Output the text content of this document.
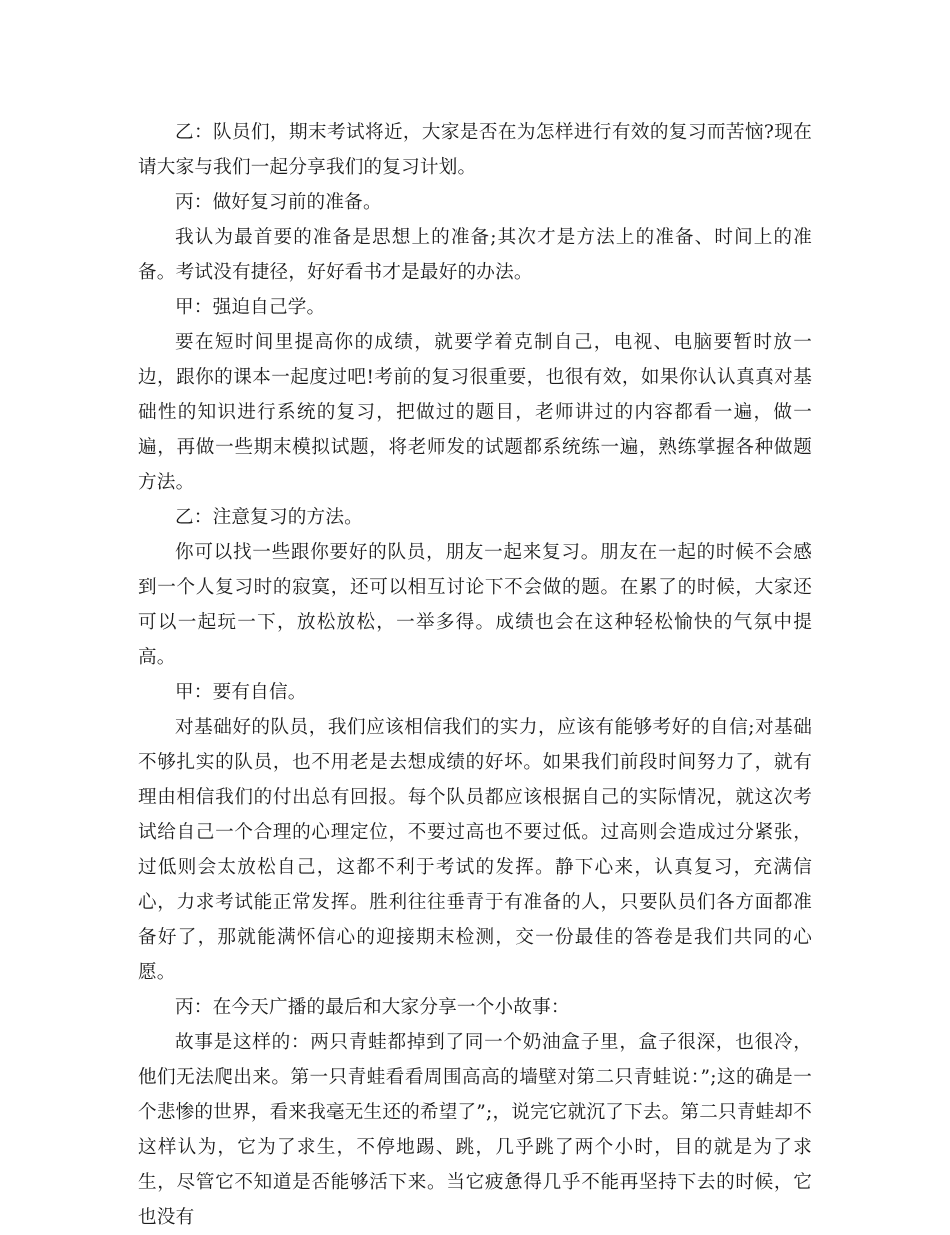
乙：队员们，期末考试将近，大家是否在为怎样进行有效的复习而苦恼?现在请大家与我们一起分享我们的复习计划。

丙：做好复习前的准备。

我认为最首要的准备是思想上的准备;其次才是方法上的准备、时间上的准备。考试没有捷径，好好看书才是最好的办法。

甲：强迫自己学。

要在短时间里提高你的成绩，就要学着克制自己，电视、电脑要暂时放一边，跟你的课本一起度过吧!考前的复习很重要，也很有效，如果你认认真真对基础性的知识进行系统的复习，把做过的题目，老师讲过的内容都看一遍，做一遍，再做一些期末模拟试题，将老师发的试题都系统练一遍，熟练掌握各种做题方法。

乙：注意复习的方法。

你可以找一些跟你要好的队员，朋友一起来复习。朋友在一起的时候不会感到一个人复习时的寂寞，还可以相互讨论下不会做的题。在累了的时候，大家还可以一起玩一下，放松放松，一举多得。成绩也会在这种轻松愉快的气氛中提高。

甲：要有自信。

对基础好的队员，我们应该相信我们的实力，应该有能够考好的自信;对基础不够扎实的队员，也不用老是去想成绩的好坏。如果我们前段时间努力了，就有理由相信我们的付出总有回报。每个队员都应该根据自己的实际情况，就这次考试给自己一个合理的心理定位，不要过高也不要过低。过高则会造成过分紧张，过低则会太放松自己，这都不利于考试的发挥。静下心来，认真复习，充满信心，力求考试能正常发挥。胜利往往垂青于有准备的人，只要队员们各方面都准备好了，那就能满怀信心的迎接期末检测，交一份最佳的答卷是我们共同的心愿。

丙：在今天广播的最后和大家分享一个小故事：

故事是这样的：两只青蛙都掉到了同一个奶油盒子里，盒子很深，也很冷，他们无法爬出来。第一只青蛙看看周围高高的墙壁对第二只青蛙说：”;这的确是一个悲惨的世界，看来我毫无生还的希望了”;，说完它就沉了下去。第二只青蛙却不这样认为，它为了求生，不停地踢、跳，几乎跳了两个小时，目的就是为了求生，尽管它不知道是否能够活下来。当它疲惫得几乎不能再坚持下去的时候，它也没有
